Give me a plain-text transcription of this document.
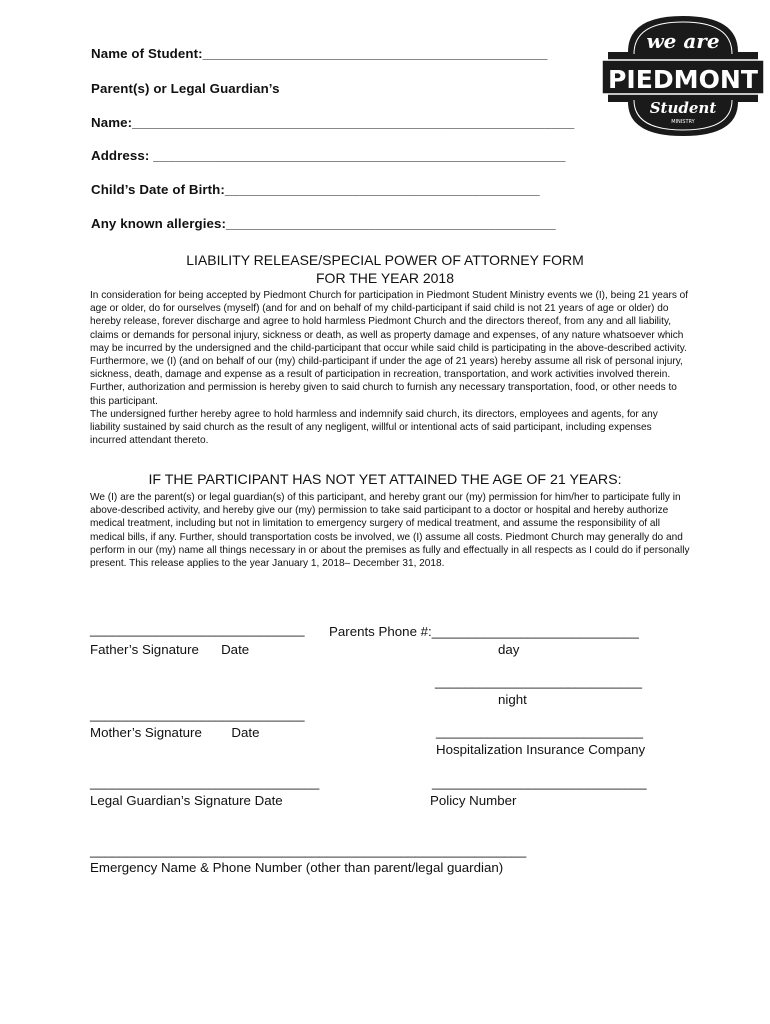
we are
PIEDMONT
Student
MINISTRY
Name of Student:______________________________________________
Parent(s) or Legal Guardian’s
Name:___________________________________________________________
Address: _______________________________________________________
Child’s Date of Birth:__________________________________________
Any known allergies:____________________________________________
LIABILITY RELEASE/SPECIAL POWER OF ATTORNEY FORM
FOR THE YEAR 2018

In consideration for being accepted by Piedmont Church for participation in Piedmont Student Ministry events we (I), being 21 years of age or older, do for ourselves (myself) (and for and on behalf of my child-participant if said child is not 21 years of age or older) do hereby release, forever discharge and agree to hold harmless Piedmont Church and the directors thereof, from any and all liability, claims or demands for personal injury, sickness or death, as well as property damage and expenses, of any nature whatsoever which may be incurred by the undersigned and the child-participant that occur while said child is participating in the above-described activity. Furthermore, we (I) (and on behalf of our (my) child-participant if under the age of 21 years) hereby assume all risk of personal injury, sickness, death, damage and expense as a result of participation in recreation, transportation, and work activities involved therein. Further, authorization and permission is hereby given to said church to furnish any necessary transportation, food, or other needs to this participant.

The undersigned further hereby agree to hold harmless and indemnify said church, its directors, employees and agents, for any liability sustained by said church as the result of any negligent, willful or intentional acts of said participant, including expenses incurred attendant thereto.

IF THE PARTICIPANT HAS NOT YET ATTAINED THE AGE OF 21 YEARS:

We (I) are the parent(s) or legal guardian(s) of this participant, and hereby grant our (my) permission for him/her to participate fully in above-described activity, and hereby give our (my) permission to take said participant to a doctor or hospital and hereby authorize medical treatment, including but not in limitation to emergency surgery of medical treatment, and assume the responsibility of all medical bills, if any. Further, should transportation costs be involved, we (I) assume all costs. Piedmont Church may generally do and perform in our (my) name all things necessary in or about the premises as fully and effectually in all respects as I could do if personally present. This release applies to the year January 1, 2018– December 31, 2018.

_____________________________
Father’s Signature      Date
Parents Phone #:____________________________
day
____________________________
night
_____________________________
Mother’s Signature        Date	____________________________
Hospitalization Insurance Company
_______________________________
Legal Guardian’s Signature Date
_____________________________
Policy Number
___________________________________________________________
Emergency Name & Phone Number (other than parent/legal guardian)
